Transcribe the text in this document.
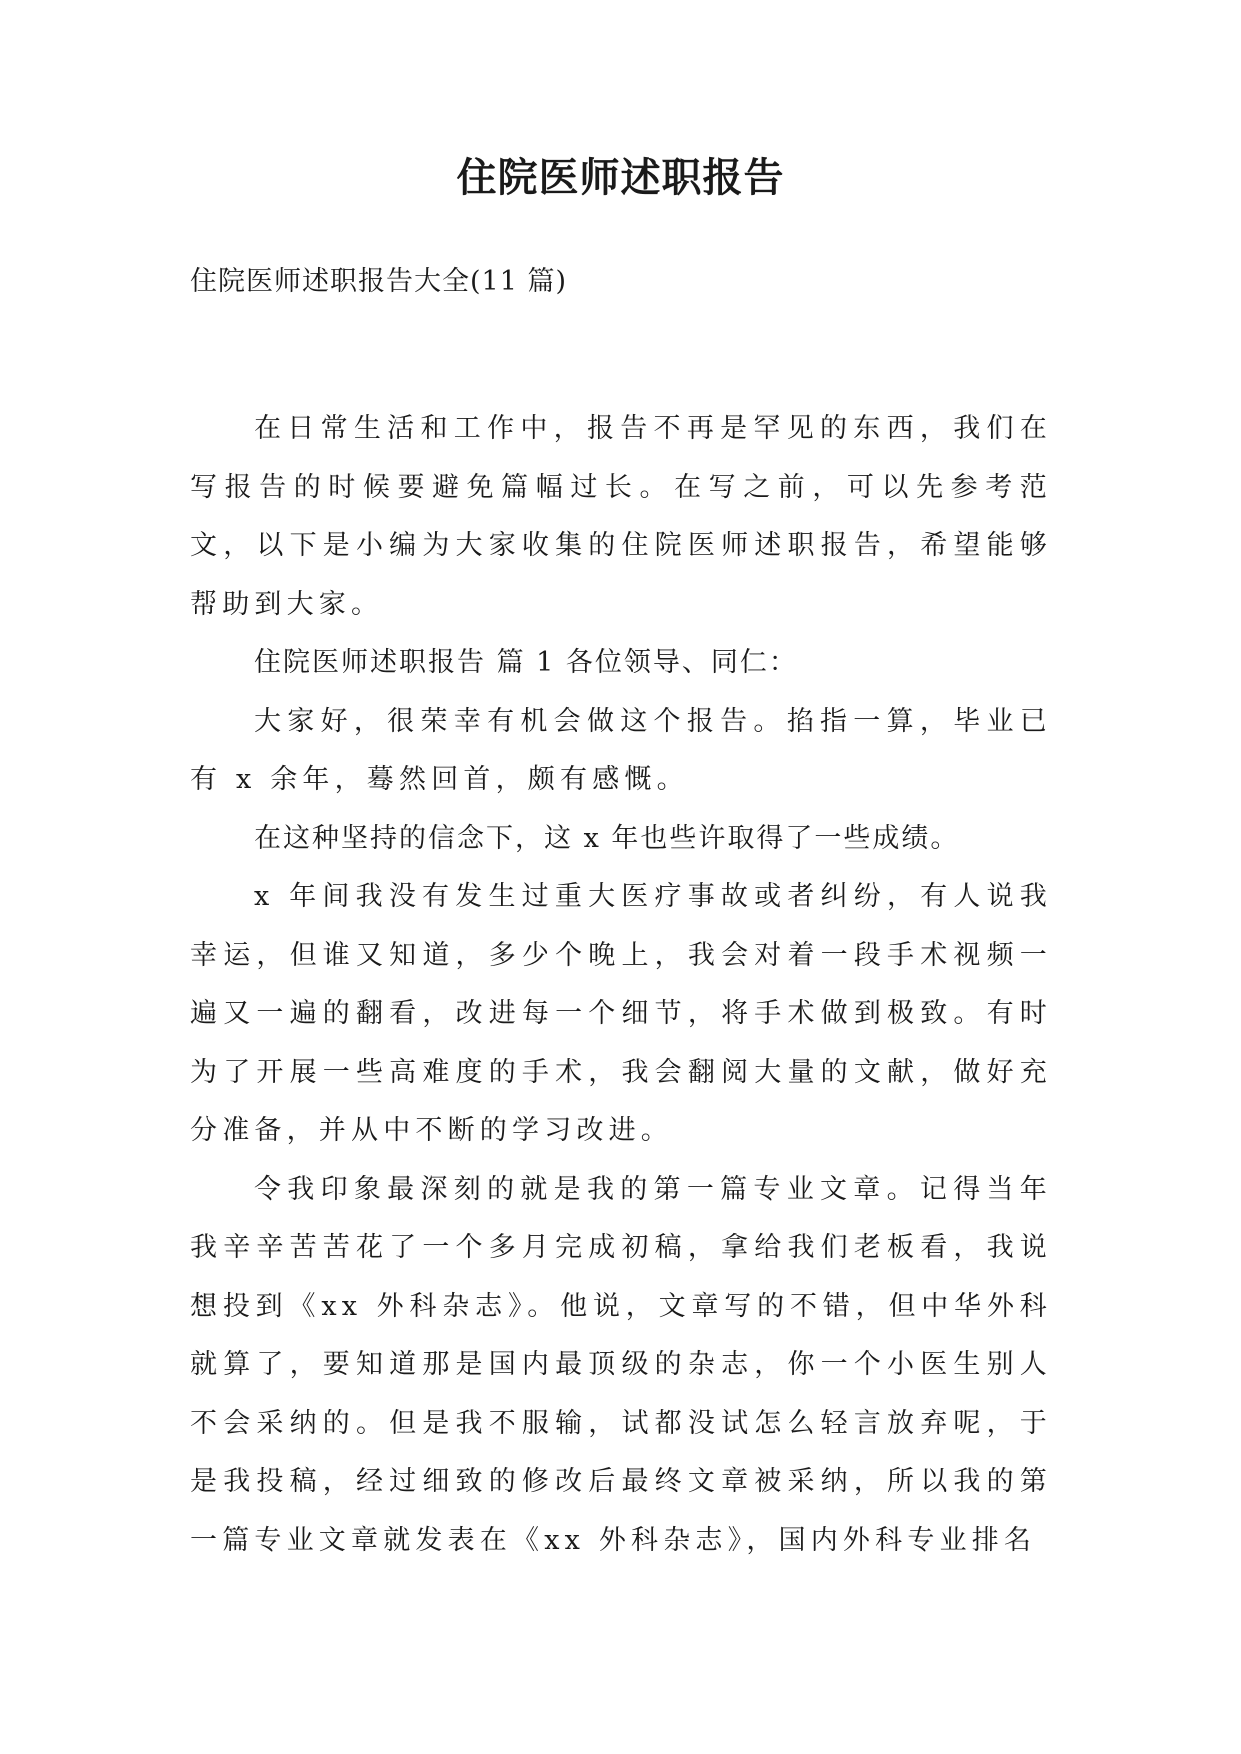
住院医师述职报告
住院医师述职报告大全(11 篇)

在日常生活和工作中，报告不再是罕见的东西，我们在写报告的时候要避免篇幅过长。在写之前，可以先参考范文，以下是小编为大家收集的住院医师述职报告，希望能够帮助到大家。

住院医师述职报告 篇 1 各位领导、同仁：

大家好，很荣幸有机会做这个报告。掐指一算，毕业已有 x 余年，蓦然回首，颇有感慨。

在这种坚持的信念下，这 x 年也些许取得了一些成绩。

x 年间我没有发生过重大医疗事故或者纠纷，有人说我幸运，但谁又知道，多少个晚上，我会对着一段手术视频一遍又一遍的翻看，改进每一个细节，将手术做到极致。有时为了开展一些高难度的手术，我会翻阅大量的文献，做好充分准备，并从中不断的学习改进。

令我印象最深刻的就是我的第一篇专业文章。记得当年我辛辛苦苦花了一个多月完成初稿，拿给我们老板看，我说想投到《xx 外科杂志》。他说，文章写的不错，但中华外科就算了，要知道那是国内最顶级的杂志，你一个小医生别人不会采纳的。但是我不服输，试都没试怎么轻言放弃呢，于是我投稿，经过细致的修改后最终文章被采纳，所以我的第一篇专业文章就发表在《xx 外科杂志》，国内外科专业排名
